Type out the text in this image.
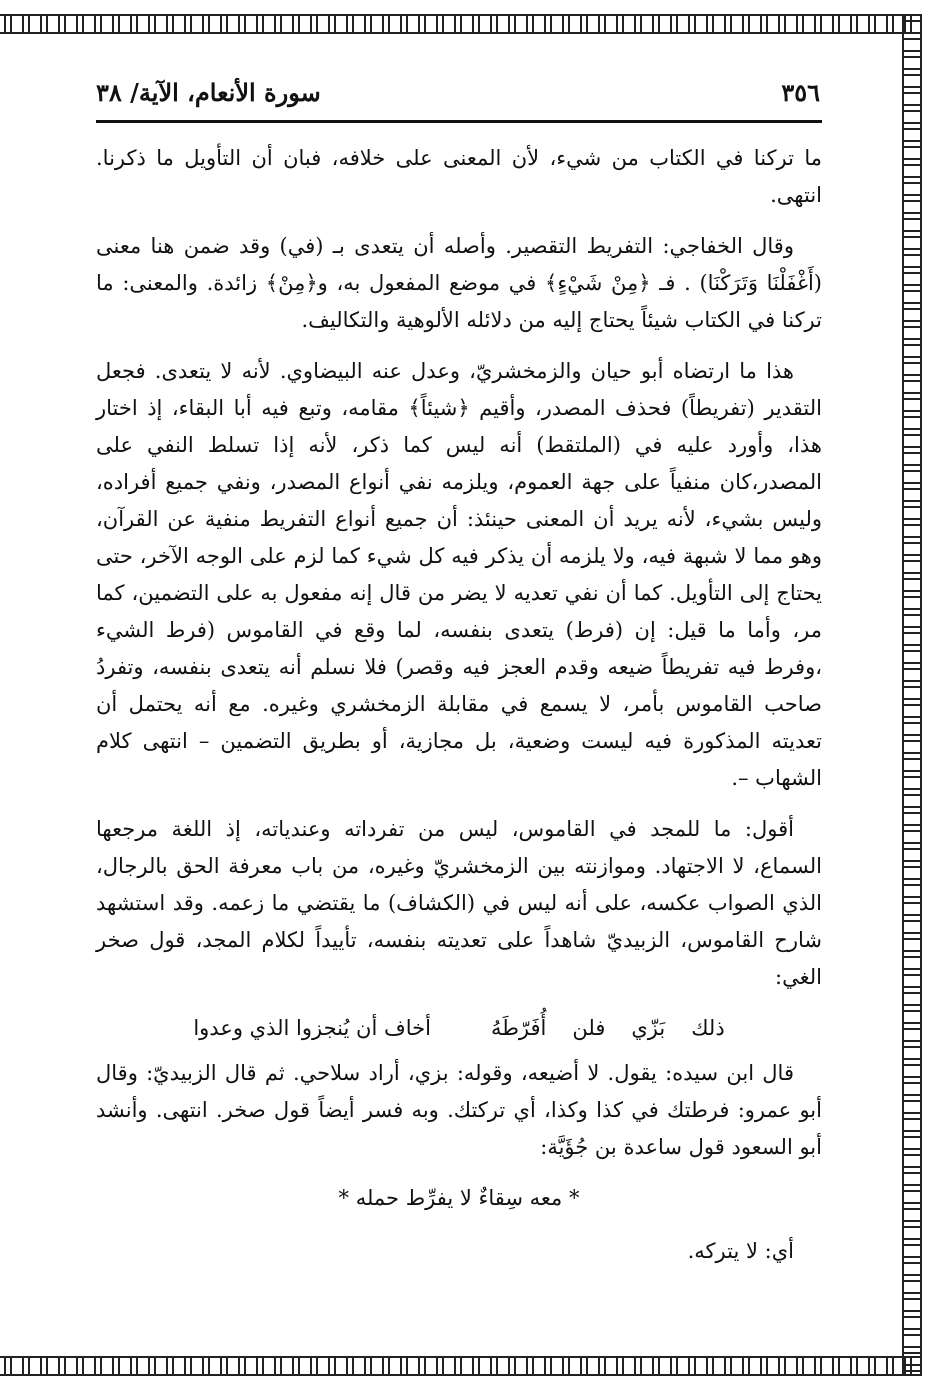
٣٥٦
سورة الأنعام، الآية/ ٣٨

ما تركنا في الكتاب من شيء، لأن المعنى على خلافه، فبان أن التأويل ما ذكرنا. انتهى.

وقال الخفاجي: التفريط التقصير. وأصله أن يتعدى بـ (في) وقد ضمن هنا معنى (أَغْفَلْنَا وَتَرَكْنَا) . فـ ﴿مِنْ شَيْءٍ﴾ في موضع المفعول به، و﴿مِنْ﴾ زائدة. والمعنى: ما تركنا في الكتاب شيئاً يحتاج إليه من دلائله الألوهية والتكاليف.

هذا ما ارتضاه أبو حيان والزمخشريّ، وعدل عنه البيضاوي. لأنه لا يتعدى. فجعل التقدير (تفريطاً) فحذف المصدر، وأقيم ﴿شيئاً﴾ مقامه، وتبع فيه أبا البقاء، إذ اختار هذا، وأورد عليه في (الملتقط) أنه ليس كما ذكر، لأنه إذا تسلط النفي على المصدر،كان منفياً على جهة العموم، ويلزمه نفي أنواع المصدر، ونفي جميع أفراده، وليس بشيء، لأنه يريد أن المعنى حينئذ: أن جميع أنواع التفريط منفية عن القرآن، وهو مما لا شبهة فيه، ولا يلزمه أن يذكر فيه كل شيء كما لزم على الوجه الآخر، حتى يحتاج إلى التأويل. كما أن نفي تعديه لا يضر من قال إنه مفعول به على التضمين، كما مر، وأما ما قيل: إن (فرط) يتعدى بنفسه، لما وقع في القاموس (فرط الشيء ،وفرط فيه تفريطاً ضيعه وقدم العجز فيه وقصر) فلا نسلم أنه يتعدى بنفسه، وتفردُ صاحب القاموس بأمر، لا يسمع في مقابلة الزمخشري وغيره. مع أنه يحتمل أن تعديته المذكورة فيه ليست وضعية، بل مجازية، أو بطريق التضمين – انتهى كلام الشهاب –.

أقول: ما للمجد في القاموس، ليس من تفرداته وعندياته، إذ اللغة مرجعها السماع، لا الاجتهاد. وموازنته بين الزمخشريّ وغيره، من باب معرفة الحق بالرجال، الذي الصواب عكسه، على أنه ليس في (الكشاف) ما يقتضي ما زعمه. وقد استشهد شارح القاموس، الزبيديّ شاهداً على تعديته بنفسه، تأييداً لكلام المجد، قول صخر الغي:

ذلك
بَزّي
فلن
أُفَرّطَهُ
أخاف أن يُنجزوا الذي وعدوا

قال ابن سيده: يقول. لا أضيعه، وقوله: بزي، أراد سلاحي. ثم قال الزبيديّ: وقال أبو عمرو: فرطتك في كذا وكذا، أي تركتك. وبه فسر أيضاً قول صخر. انتهى. وأنشد أبو السعود قول ساعدة بن جُؤَيَّة:

* معه سِقاءٌ لا يفرِّط حمله *

أي: لا يتركه.
